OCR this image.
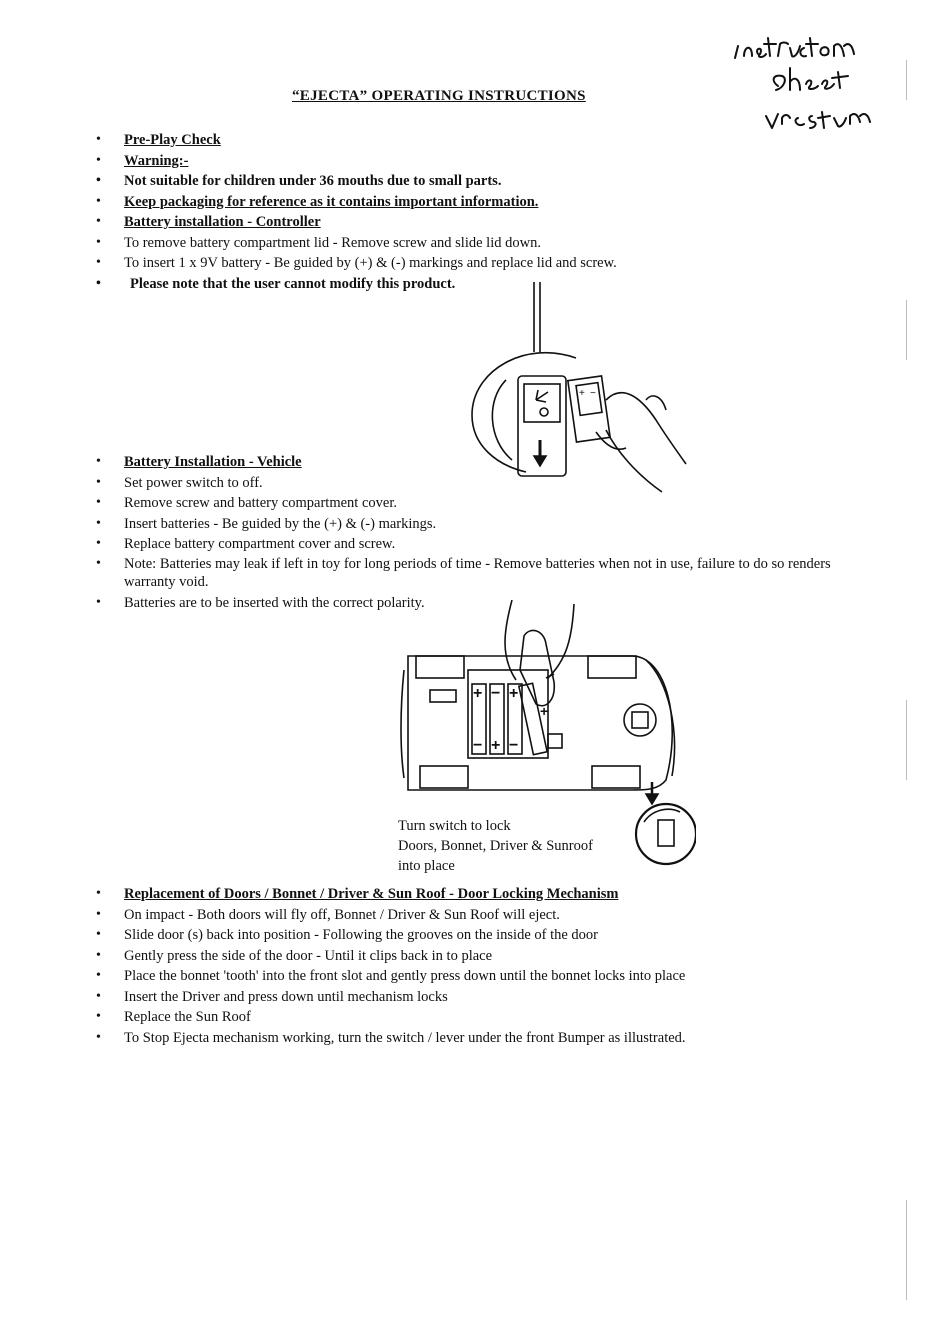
“EJECTA” OPERATING INSTRUCTIONS
• Pre-Play Check
• Warning:-
• Not suitable for children under 36 mouths due to small parts.
• Keep packaging for reference as it contains important information.
• Battery installation - Controller
• To remove battery compartment lid - Remove screw and slide lid down.
• To insert 1 x 9V battery - Be guided by (+) & (-) markings and replace lid and screw.
• Please note that the user cannot modify this product.
+ −
• Battery Installation - Vehicle
• Set power switch to off.
• Remove screw and battery compartment cover.
• Insert batteries - Be guided by the (+) & (-) markings.
• Replace battery compartment cover and screw.
• Note: Batteries may leak if left in toy for long periods of time - Remove batteries when not in use, failure to do so renders warranty void.
• Batteries are to be inserted with the correct polarity.
+ − +
− + −
+
Turn switch to lock
Doors, Bonnet, Driver & Sunroof
into place
• Replacement of Doors / Bonnet / Driver & Sun Roof - Door Locking Mechanism
• On impact - Both doors will fly off, Bonnet / Driver & Sun Roof will eject.
• Slide door (s) back into position - Following the grooves on the inside of the door
• Gently press the side of the door - Until it clips back in to place
• Place the bonnet 'tooth' into the front slot and gently press down until the bonnet locks into place
• Insert the Driver and press down until mechanism locks
• Replace the Sun Roof
• To Stop Ejecta mechanism working, turn the switch / lever under the front Bumper as illustrated.
